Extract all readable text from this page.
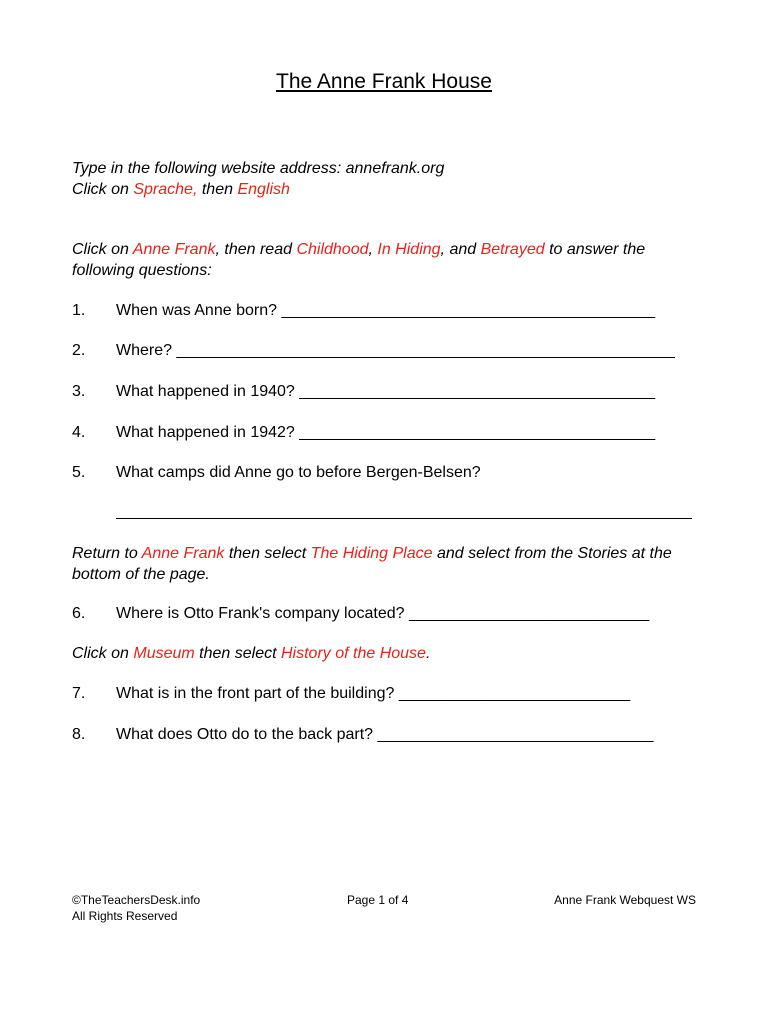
The Anne Frank House
Type in the following website address: annefrank.org
Click on Sprache, then English
Click on Anne Frank, then read Childhood, In Hiding, and Betrayed to answer the following questions:
1. When was Anne born? __________________________________________
2. Where? ________________________________________________________
3. What happened in 1940? ________________________________________
4. What happened in 1942? ________________________________________
5. What camps did Anne go to before Bergen-Belsen?
Return to Anne Frank then select The Hiding Place and select from the Stories at the bottom of the page.
6. Where is Otto Frank's company located? ___________________________
Click on Museum then select History of the House.
7. What is in the front part of the building? __________________________
8. What does Otto do to the back part? _______________________________
©TheTeachersDesk.info
All Rights Reserved
Page 1 of 4	Anne Frank Webquest WS
